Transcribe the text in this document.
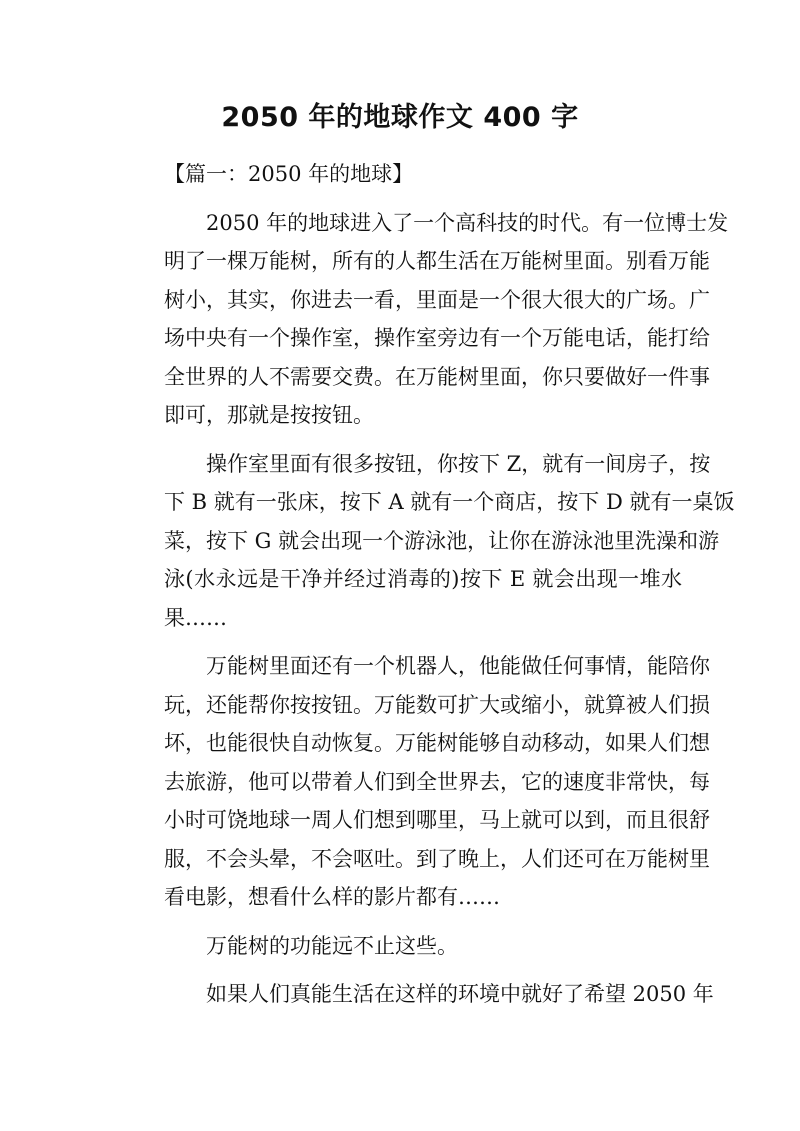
2050 年的地球作文 400 字
【篇一：2050 年的地球】
2050 年的地球进入了一个高科技的时代。有一位博士发
明了一棵万能树，所有的人都生活在万能树里面。别看万能
树小，其实，你进去一看，里面是一个很大很大的广场。广
场中央有一个操作室，操作室旁边有一个万能电话，能打给
全世界的人不需要交费。在万能树里面，你只要做好一件事
即可，那就是按按钮。
操作室里面有很多按钮，你按下 Z，就有一间房子，按
下 B 就有一张床，按下 A 就有一个商店，按下 D 就有一桌饭
菜，按下 G 就会出现一个游泳池，让你在游泳池里洗澡和游
泳(水永远是干净并经过消毒的)按下 E 就会出现一堆水
果……
万能树里面还有一个机器人，他能做任何事情，能陪你
玩，还能帮你按按钮。万能数可扩大或缩小，就算被人们损
坏，也能很快自动恢复。万能树能够自动移动，如果人们想
去旅游，他可以带着人们到全世界去，它的速度非常快，每
小时可饶地球一周人们想到哪里，马上就可以到，而且很舒
服，不会头晕，不会呕吐。到了晚上，人们还可在万能树里
看电影，想看什么样的影片都有……
万能树的功能远不止这些。
如果人们真能生活在这样的环境中就好了希望 2050 年
